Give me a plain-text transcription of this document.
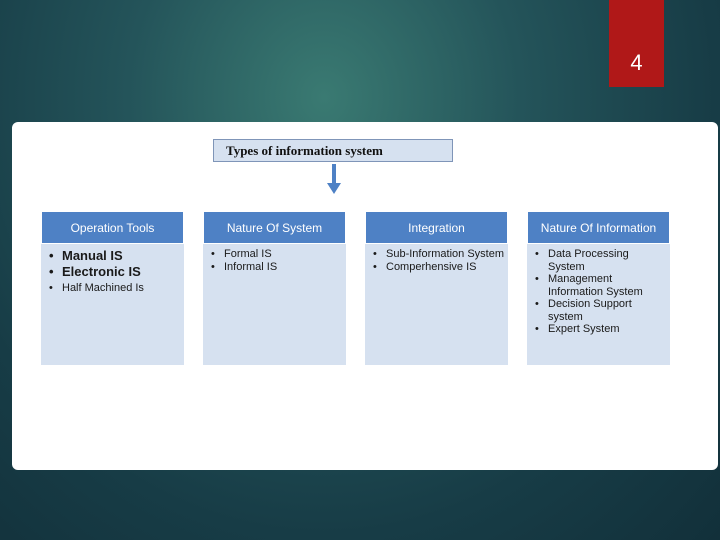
4
Types of information system
Operation Tools
• Manual IS
• Electronic IS
• Half Machined Is
Nature Of System
• Formal IS
• Informal IS
Integration
• Sub-Information System
• Comperhensive IS
Nature Of Information
• Data Processing System
• Management Information System
• Decision Support system
• Expert System
